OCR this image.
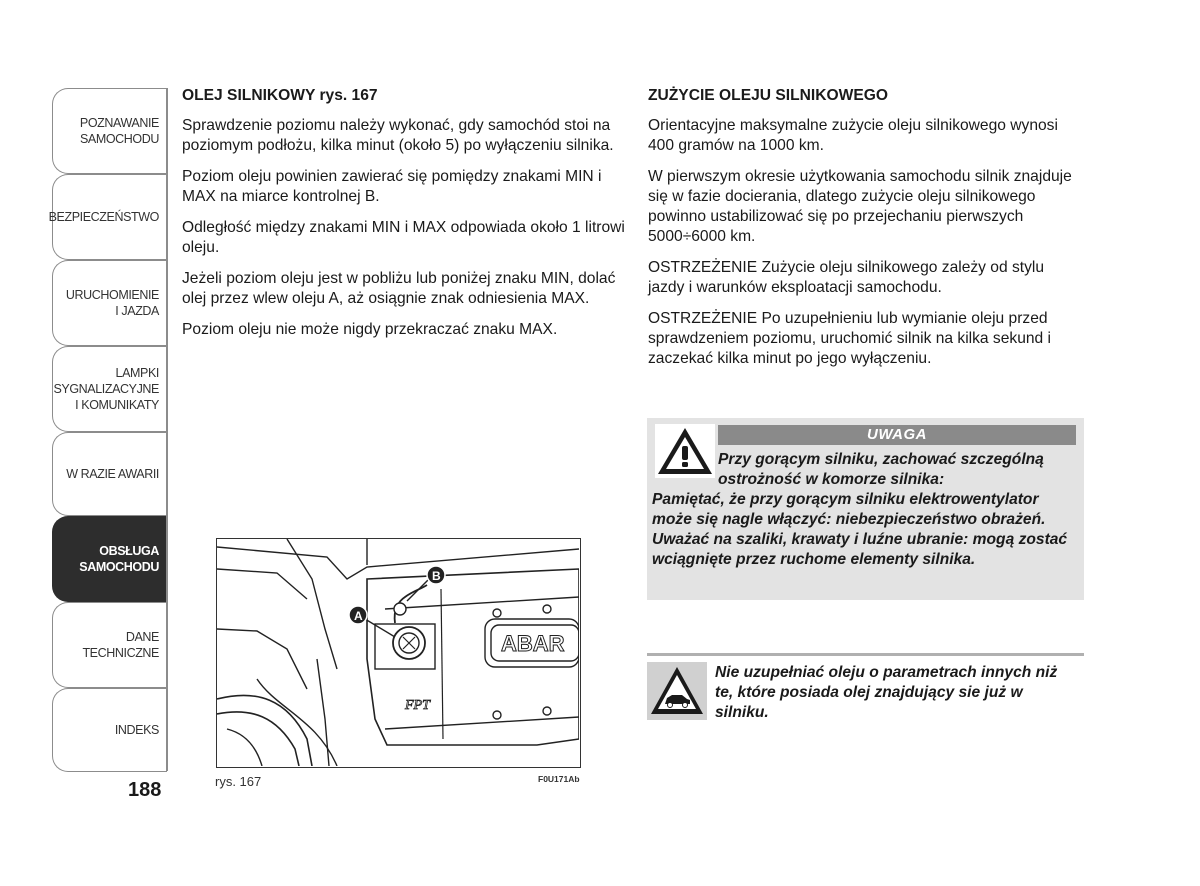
POZNAWANIE
SAMOCHODU
BEZPIECZEŃSTWO
URUCHOMIENIE
I JAZDA
LAMPKI
SYGNALIZACYJNE
I KOMUNIKATY
W RAZIE AWARII
OBSŁUGA
SAMOCHODU
DANE
TECHNICZNE
INDEKS
188
OLEJ SILNIKOWY rys. 167

Sprawdzenie poziomu należy wykonać, gdy samochód stoi na poziomym podłożu, kilka minut (około 5) po wyłączeniu silnika.

Poziom oleju powinien zawierać się pomiędzy znakami MIN i MAX na miarce kontrolnej B.

Odległość między znakami MIN i MAX odpowiada około 1 litrowi oleju.

Jeżeli poziom oleju jest w pobliżu lub poniżej znaku MIN, dolać olej przez wlew oleju A, aż osiągnie znak odniesienia MAX.

Poziom oleju nie może nigdy przekraczać znaku MAX.

ZUŻYCIE OLEJU SILNIKOWEGO

Orientacyjne maksymalne zużycie oleju silnikowego wynosi 400 gramów na 1000 km.

W pierwszym okresie użytkowania samochodu silnik znajduje się w fazie docierania, dlatego zużycie oleju silnikowego powinno ustabilizować się po przejechaniu pierwszych 5000÷6000 km.

OSTRZEŻENIE Zużycie oleju silnikowego zależy od stylu jazdy i warunków eksploatacji samochodu.

OSTRZEŻENIE Po uzupełnieniu lub wymianie oleju przed sprawdzeniem poziomu, uruchomić silnik na kilka sekund i zaczekać kilka minut po jego wyłączeniu.

ABAR
FPT
A
B
rys. 167	F0U171Ab
UWAGA
Przy gorącym silniku, zachować szczególną ostrożność w komorze silnika:
Pamiętać, że przy gorącym silniku elektrowentylator może się nagle włączyć: niebezpieczeństwo obrażeń. Uważać na szaliki, krawaty i luźne ubranie: mogą zostać wciągnięte przez ruchome elementy silnika.
Nie uzupełniać oleju o parametrach innych niż te, które posiada olej znajdujący sie już w silniku.
